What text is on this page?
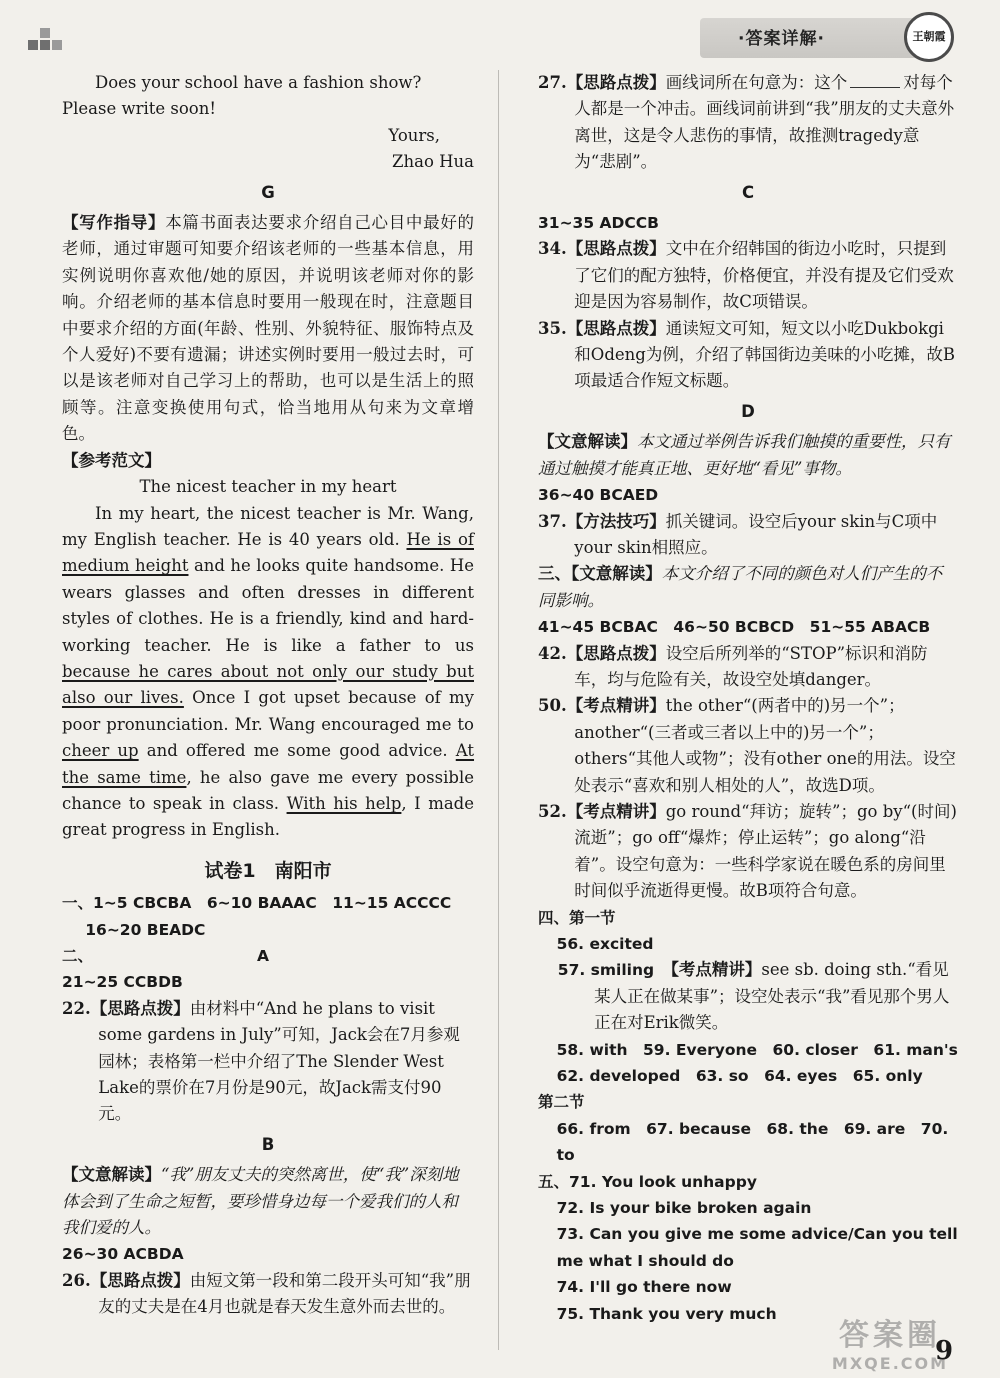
·答案详解·	王朝霞

Does your school have a fashion show?

Please write soon!

Yours,

Zhao Hua

G

【写作指导】本篇书面表达要求介绍自己心目中最好的老师，通过审题可知要介绍该老师的一些基本信息，用实例说明你喜欢他/她的原因，并说明该老师对你的影响。介绍老师的基本信息时要用一般现在时，注意题目中要求介绍的方面(年龄、性别、外貌特征、服饰特点及个人爱好)不要有遗漏；讲述实例时要用一般过去时，可以是该老师对自己学习上的帮助，也可以是生活上的照顾等。注意变换使用句式，恰当地用从句来为文章增色。

【参考范文】

The nicest teacher in my heart

In my heart, the nicest teacher is Mr. Wang, my English teacher. He is 40 years old. He is of medium height and he looks quite handsome. He wears glasses and often dresses in different styles of clothes. He is a friendly, kind and hard-working teacher. He is like a father to us because he cares about not only our study but also our lives. Once I got upset because of my poor pronunciation. Mr. Wang encouraged me to cheer up and offered me some good advice. At the same time, he also gave me every possible chance to speak in class. With his help, I made great progress in English.

试卷1　南阳市

一、1~5 CBCBA　6~10 BAAAC　11~15 ACCCC

16~20 BEADC

二、	A

21~25 CCBDB

22.【思路点拨】由材料中“And he plans to visit some gardens in July”可知，Jack会在7月参观园林；表格第一栏中介绍了The Slender West Lake的票价在7月份是90元，故Jack需支付90元。

B

【文意解读】“我”朋友丈夫的突然离世，使“我”深刻地体会到了生命之短暂，要珍惜身边每一个爱我们的人和我们爱的人。

26~30 ACBDA

26.【思路点拨】由短文第一段和第二段开头可知“我”朋友的丈夫是在4月也就是春天发生意外而去世的。

27.【思路点拨】画线词所在句意为：这个	对每个人都是一个冲击。画线词前讲到“我”朋友的丈夫意外离世，这是令人悲伤的事情，故推测tragedy意为“悲剧”。

C

31~35 ADCCB

34.【思路点拨】文中在介绍韩国的街边小吃时，只提到了它们的配方独特，价格便宜，并没有提及它们受欢迎是因为容易制作，故C项错误。

35.【思路点拨】通读短文可知，短文以小吃Dukbokgi和Odeng为例，介绍了韩国街边美味的小吃摊，故B项最适合作短文标题。

D

【文意解读】本文通过举例告诉我们触摸的重要性，只有通过触摸才能真正地、更好地“看见”事物。

36~40 BCAED

37.【方法技巧】抓关键词。设空后your skin与C项中your skin相照应。

三、【文意解读】本文介绍了不同的颜色对人们产生的不同影响。

41~45 BCBAC　46~50 BCBCD　51~55 ABACB

42.【思路点拨】设空后所列举的“STOP”标识和消防车，均与危险有关，故设空处填danger。

50.【考点精讲】the other“(两者中的)另一个”；another“(三者或三者以上中的)另一个”；others“其他人或物”；没有other one的用法。设空处表示“喜欢和别人相处的人”，故选D项。

52.【考点精讲】go round“拜访；旋转”；go by“(时间)流逝”；go off“爆炸；停止运转”；go along“沿着”。设空句意为：一些科学家说在暖色系的房间里时间似乎流逝得更慢。故B项符合句意。

四、第一节

56. excited

57. smiling　 【考点精讲】see sb. doing sth.“看见某人正在做某事”；设空处表示“我”看见那个男人正在对Erik微笑。

58. with　59. Everyone　60. closer　61. man's

62. developed　63. so　64. eyes　65. only

第二节

66. from　67. because　68. the　69. are　70. to

五、71. You look unhappy

72. Is your bike broken again

73. Can you give me some advice/Can you tell me what I should do

74. I'll go there now

75. Thank you very much

答案圈
MXQE.COM
9
